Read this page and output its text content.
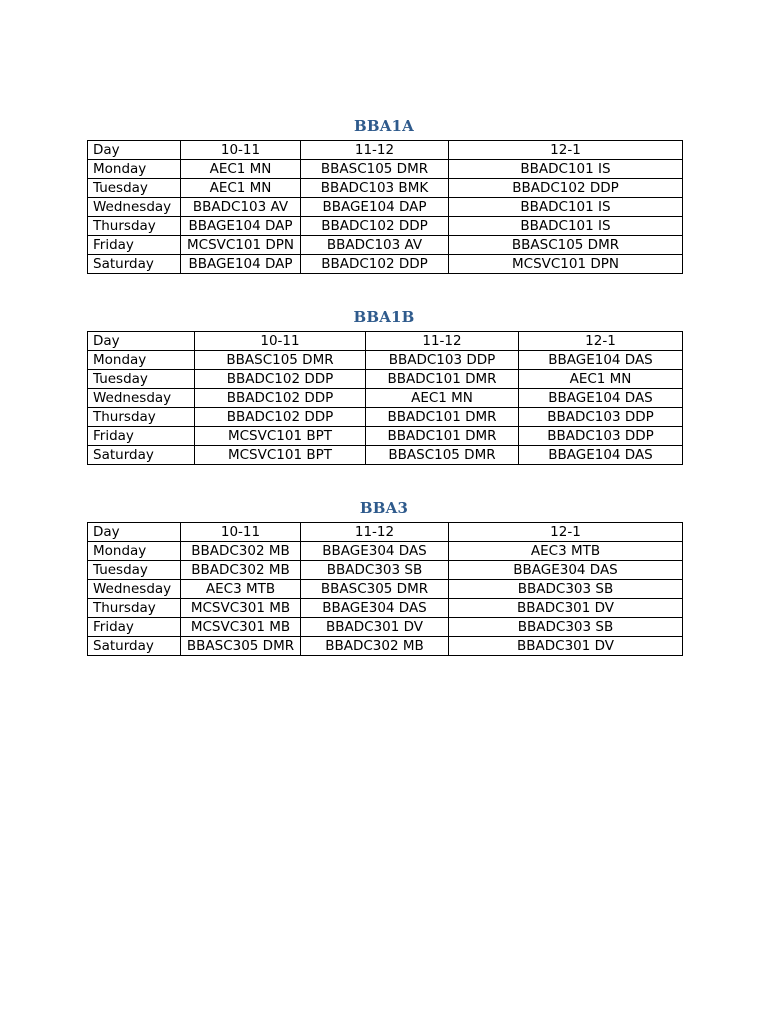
BBA1A
Day	10-11	11-12	12-1
Monday	AEC1 MN	BBASC105 DMR	BBADC101 IS
Tuesday	AEC1 MN	BBADC103 BMK	BBADC102 DDP
Wednesday	BBADC103 AV	BBAGE104 DAP	BBADC101 IS
Thursday	BBAGE104 DAP	BBADC102 DDP	BBADC101 IS
Friday	MCSVC101 DPN	BBADC103 AV	BBASC105 DMR
Saturday	BBAGE104 DAP	BBADC102 DDP	MCSVC101 DPN
BBA1B
Day	10-11	11-12	12-1
Monday	BBASC105 DMR	BBADC103 DDP	BBAGE104 DAS
Tuesday	BBADC102 DDP	BBADC101 DMR	AEC1 MN
Wednesday	BBADC102 DDP	AEC1 MN	BBAGE104 DAS
Thursday	BBADC102 DDP	BBADC101 DMR	BBADC103 DDP
Friday	MCSVC101 BPT	BBADC101 DMR	BBADC103 DDP
Saturday	MCSVC101 BPT	BBASC105 DMR	BBAGE104 DAS
BBA3
Day	10-11	11-12	12-1
Monday	BBADC302 MB	BBAGE304 DAS	AEC3 MTB
Tuesday	BBADC302 MB	BBADC303 SB	BBAGE304 DAS
Wednesday	AEC3 MTB	BBASC305 DMR	BBADC303 SB
Thursday	MCSVC301 MB	BBAGE304 DAS	BBADC301 DV
Friday	MCSVC301 MB	BBADC301 DV	BBADC303 SB
Saturday	BBASC305 DMR	BBADC302 MB	BBADC301 DV
